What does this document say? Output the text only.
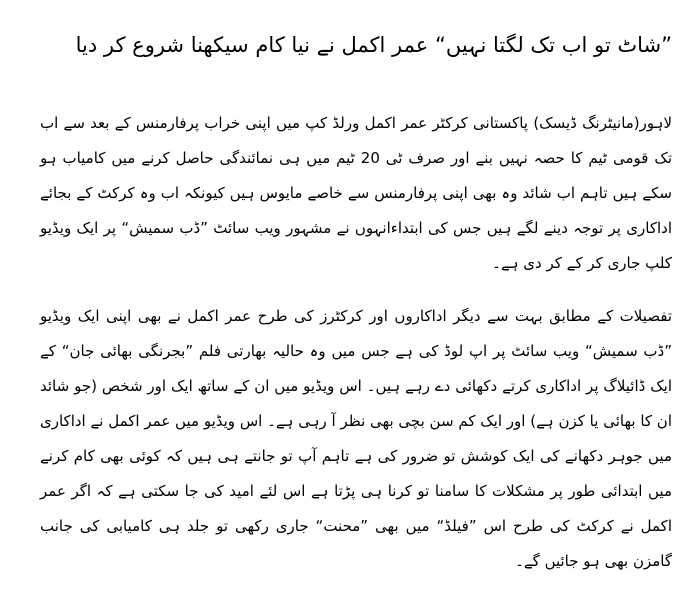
”شاٹ تو اب تک لگتا نہیں“ عمر اکمل نے نیا کام سیکھنا شروع کر دیا

لاہور(مانیٹرنگ ڈیسک) پاکستانی کرکٹر عمر اکمل ورلڈ کپ میں اپنی خراب پرفارمنس کے بعد سے اب تک قومی ٹیم کا حصہ نہیں بنے اور صرف ٹی 20 ٹیم میں ہی نمائندگی حاصل کرنے میں کامیاب ہو سکے ہیں تاہم اب شائد وہ بھی اپنی پرفارمنس سے خاصے مایوس ہیں کیونکہ اب وہ کرکٹ کے بجائے اداکاری پر توجہ دینے لگے ہیں جس کی ابتداءانہوں نے مشہور ویب سائٹ ”ڈب سمیش“ پر ایک ویڈیو کلپ جاری کر کے کر دی ہے۔

تفصیلات کے مطابق بہت سے دیگر اداکاروں اور کرکٹرز کی طرح عمر اکمل نے بھی اپنی ایک ویڈیو ”ڈب سمیش“ ویب سائٹ پر اپ لوڈ کی ہے جس میں وہ حالیہ بھارتی فلم ”بجرنگی بھائی جان“ کے ایک ڈائیلاگ پر اداکاری کرتے دکھائی دے رہے ہیں۔ اس ویڈیو میں ان کے ساتھ ایک اور شخص (جو شائد ان کا بھائی یا کزن ہے) اور ایک کم سن بچی بھی نظر آ رہی ہے۔ اس ویڈیو میں عمر اکمل نے اداکاری میں جوہر دکھانے کی ایک کوشش تو ضرور کی ہے تاہم آپ تو جانتے ہی ہیں کہ کوئی بھی کام کرنے میں ابتدائی طور پر مشکلات کا سامنا تو کرنا ہی پڑتا ہے اس لئے امید کی جا سکتی ہے کہ اگر عمر اکمل نے کرکٹ کی طرح اس ”فیلڈ“ میں بھی ”محنت“ جاری رکھی تو جلد ہی کامیابی کی جانب گامزن بھی ہو جائیں گے۔
